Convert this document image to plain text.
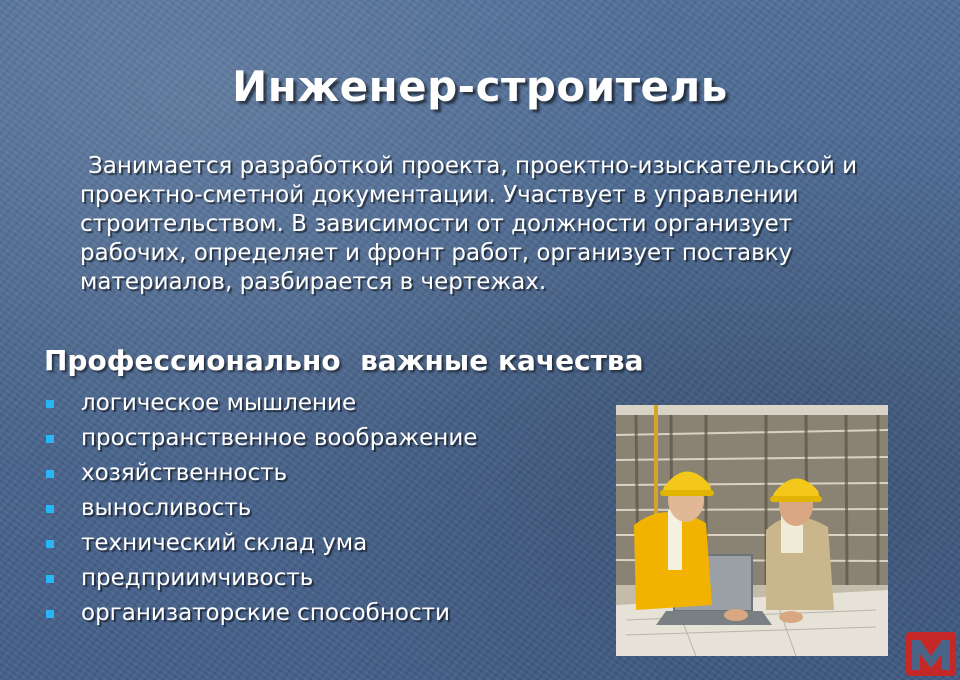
Инженер-строитель
Занимается разработкой проекта, проектно-изыскательской и проектно-сметной документации. Участвует в управлении строительством. В зависимости от должности организует рабочих, определяет и фронт работ, организует поставку материалов, разбирается в чертежах.
Профессионально  важные качества
логическое мышление
пространственное воображение
хозяйственность
выносливость
технический склад ума
предприимчивость
организаторские способности
